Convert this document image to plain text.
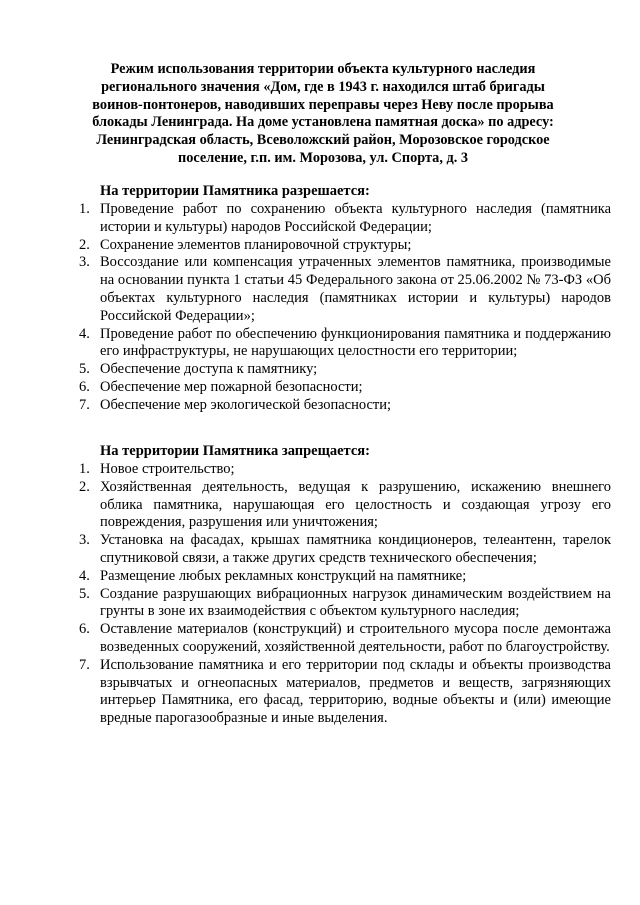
Режим использования территории объекта культурного наследия регионального значения «Дом, где в 1943 г. находился штаб бригады воинов-понтонеров, наводивших переправы через Неву после прорыва блокады Ленинграда. На доме установлена памятная доска» по адресу: Ленинградская область, Всеволожский район, Морозовское городское поселение, г.п. им. Морозова, ул. Спорта, д. 3
На территории Памятника разрешается:
1. Проведение работ по сохранению объекта культурного наследия (памятника истории и культуры) народов Российской Федерации;
2. Сохранение элементов планировочной структуры;
3. Воссоздание или компенсация утраченных элементов памятника, производимые на основании пункта 1 статьи 45 Федерального закона от 25.06.2002 № 73-ФЗ «Об объектах культурного наследия (памятниках истории и культуры) народов Российской Федерации»;
4. Проведение работ по обеспечению функционирования памятника и поддержанию его инфраструктуры, не нарушающих целостности его территории;
5. Обеспечение доступа к памятнику;
6. Обеспечение мер пожарной безопасности;
7. Обеспечение мер экологической безопасности;
На территории Памятника запрещается:
1. Новое строительство;
2. Хозяйственная деятельность, ведущая к разрушению, искажению внешнего облика памятника, нарушающая его целостность и создающая угрозу его повреждения, разрушения или уничтожения;
3. Установка на фасадах, крышах памятника кондиционеров, телеантенн, тарелок спутниковой связи, а также других средств технического обеспечения;
4. Размещение любых рекламных конструкций на памятнике;
5. Создание разрушающих вибрационных нагрузок динамическим воздействием на грунты в зоне их взаимодействия с объектом культурного наследия;
6. Оставление материалов (конструкций) и строительного мусора после демонтажа возведенных сооружений, хозяйственной деятельности, работ по благоустройству.
7. Использование памятника и его территории под склады и объекты производства взрывчатых и огнеопасных материалов, предметов и веществ, загрязняющих интерьер Памятника, его фасад, территорию, водные объекты и (или) имеющие вредные парогазообразные и иные выделения.
